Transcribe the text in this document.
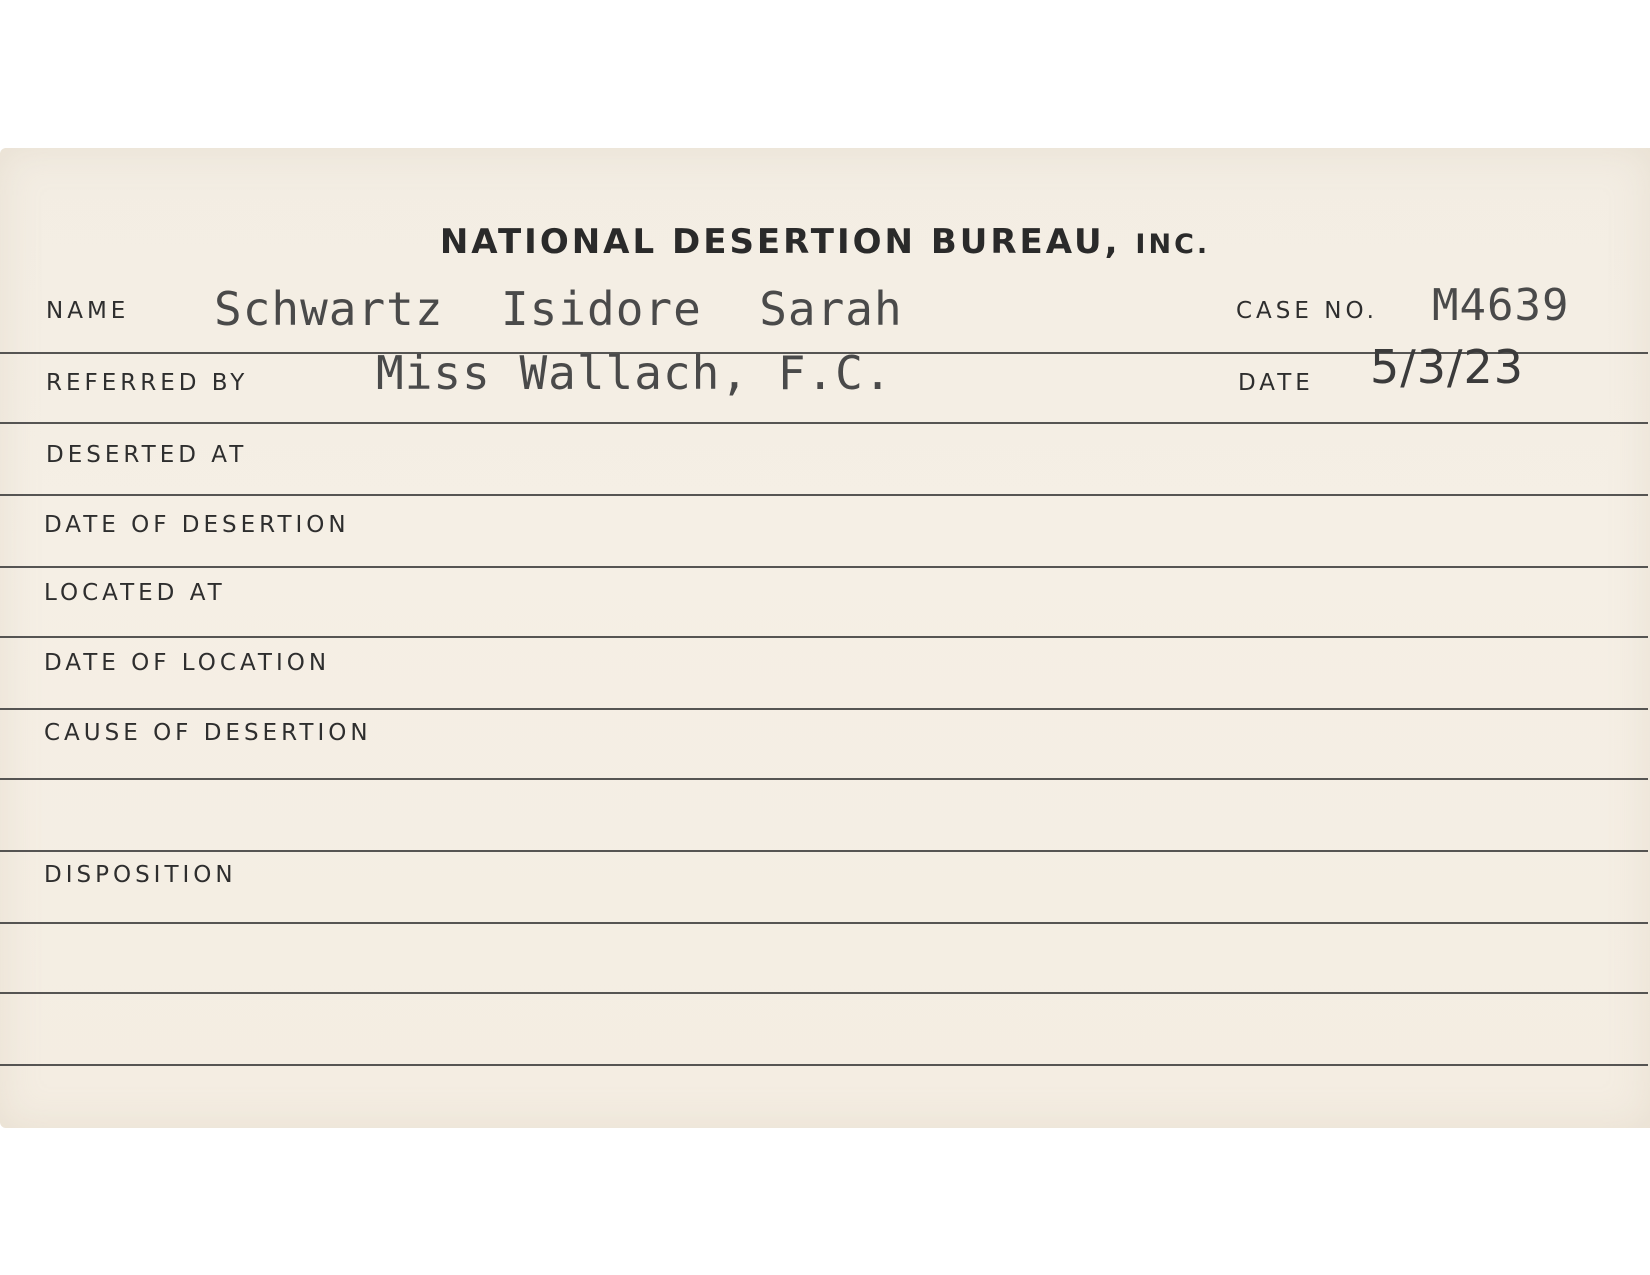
NATIONAL DESERTION BUREAU, INC.
NAME Schwartz  Isidore  Sarah	CASE NO. M4639
REFERRED BY	Miss Wallach, F.C.	DATE 5/3/23
DESERTED AT
DATE OF DESERTION
LOCATED AT
DATE OF LOCATION
CAUSE OF DESERTION
DISPOSITION
